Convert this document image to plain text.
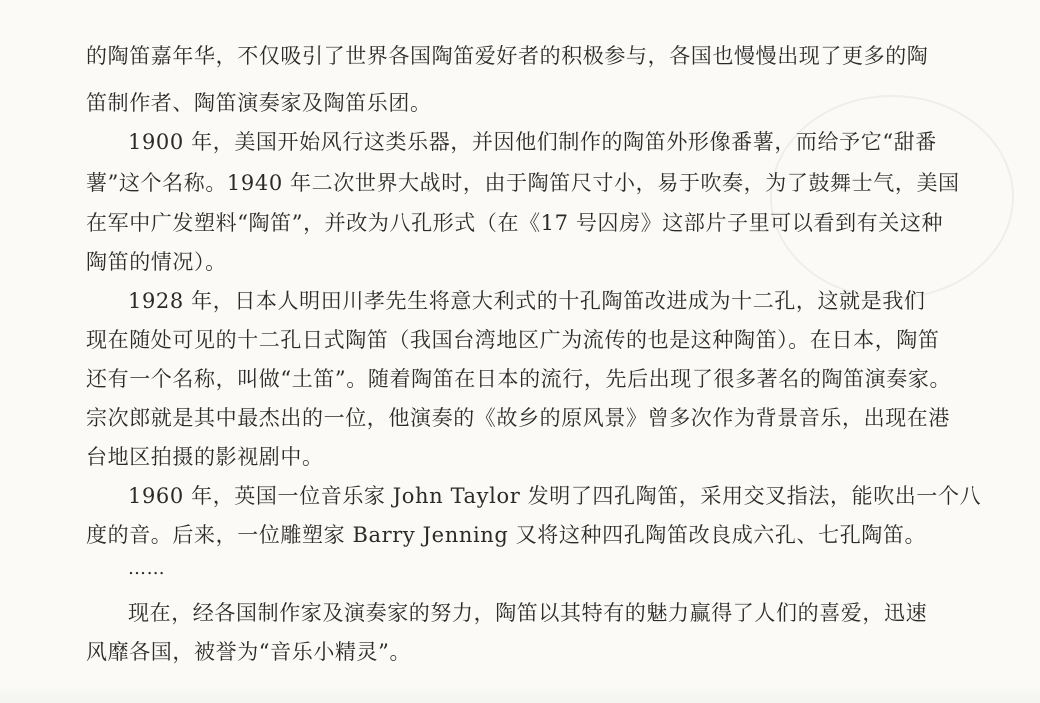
的陶笛嘉年华，不仅吸引了世界各国陶笛爱好者的积极参与，各国也慢慢出现了更多的陶
笛制作者、陶笛演奏家及陶笛乐团。
1900 年，美国开始风行这类乐器，并因他们制作的陶笛外形像番薯，而给予它“甜番
薯”这个名称。1940 年二次世界大战时，由于陶笛尺寸小，易于吹奏，为了鼓舞士气，美国
在军中广发塑料“陶笛”，并改为八孔形式（在《17 号囚房》这部片子里可以看到有关这种
陶笛的情况）。
1928 年，日本人明田川孝先生将意大利式的十孔陶笛改进成为十二孔，这就是我们
现在随处可见的十二孔日式陶笛（我国台湾地区广为流传的也是这种陶笛）。在日本，陶笛
还有一个名称，叫做“土笛”。随着陶笛在日本的流行，先后出现了很多著名的陶笛演奏家。
宗次郎就是其中最杰出的一位，他演奏的《故乡的原风景》曾多次作为背景音乐，出现在港
台地区拍摄的影视剧中。
1960 年，英国一位音乐家 John Taylor 发明了四孔陶笛，采用交叉指法，能吹出一个八
度的音。后来，一位雕塑家 Barry Jenning 又将这种四孔陶笛改良成六孔、七孔陶笛。
……
现在，经各国制作家及演奏家的努力，陶笛以其特有的魅力赢得了人们的喜爱，迅速
风靡各国，被誉为“音乐小精灵”。
